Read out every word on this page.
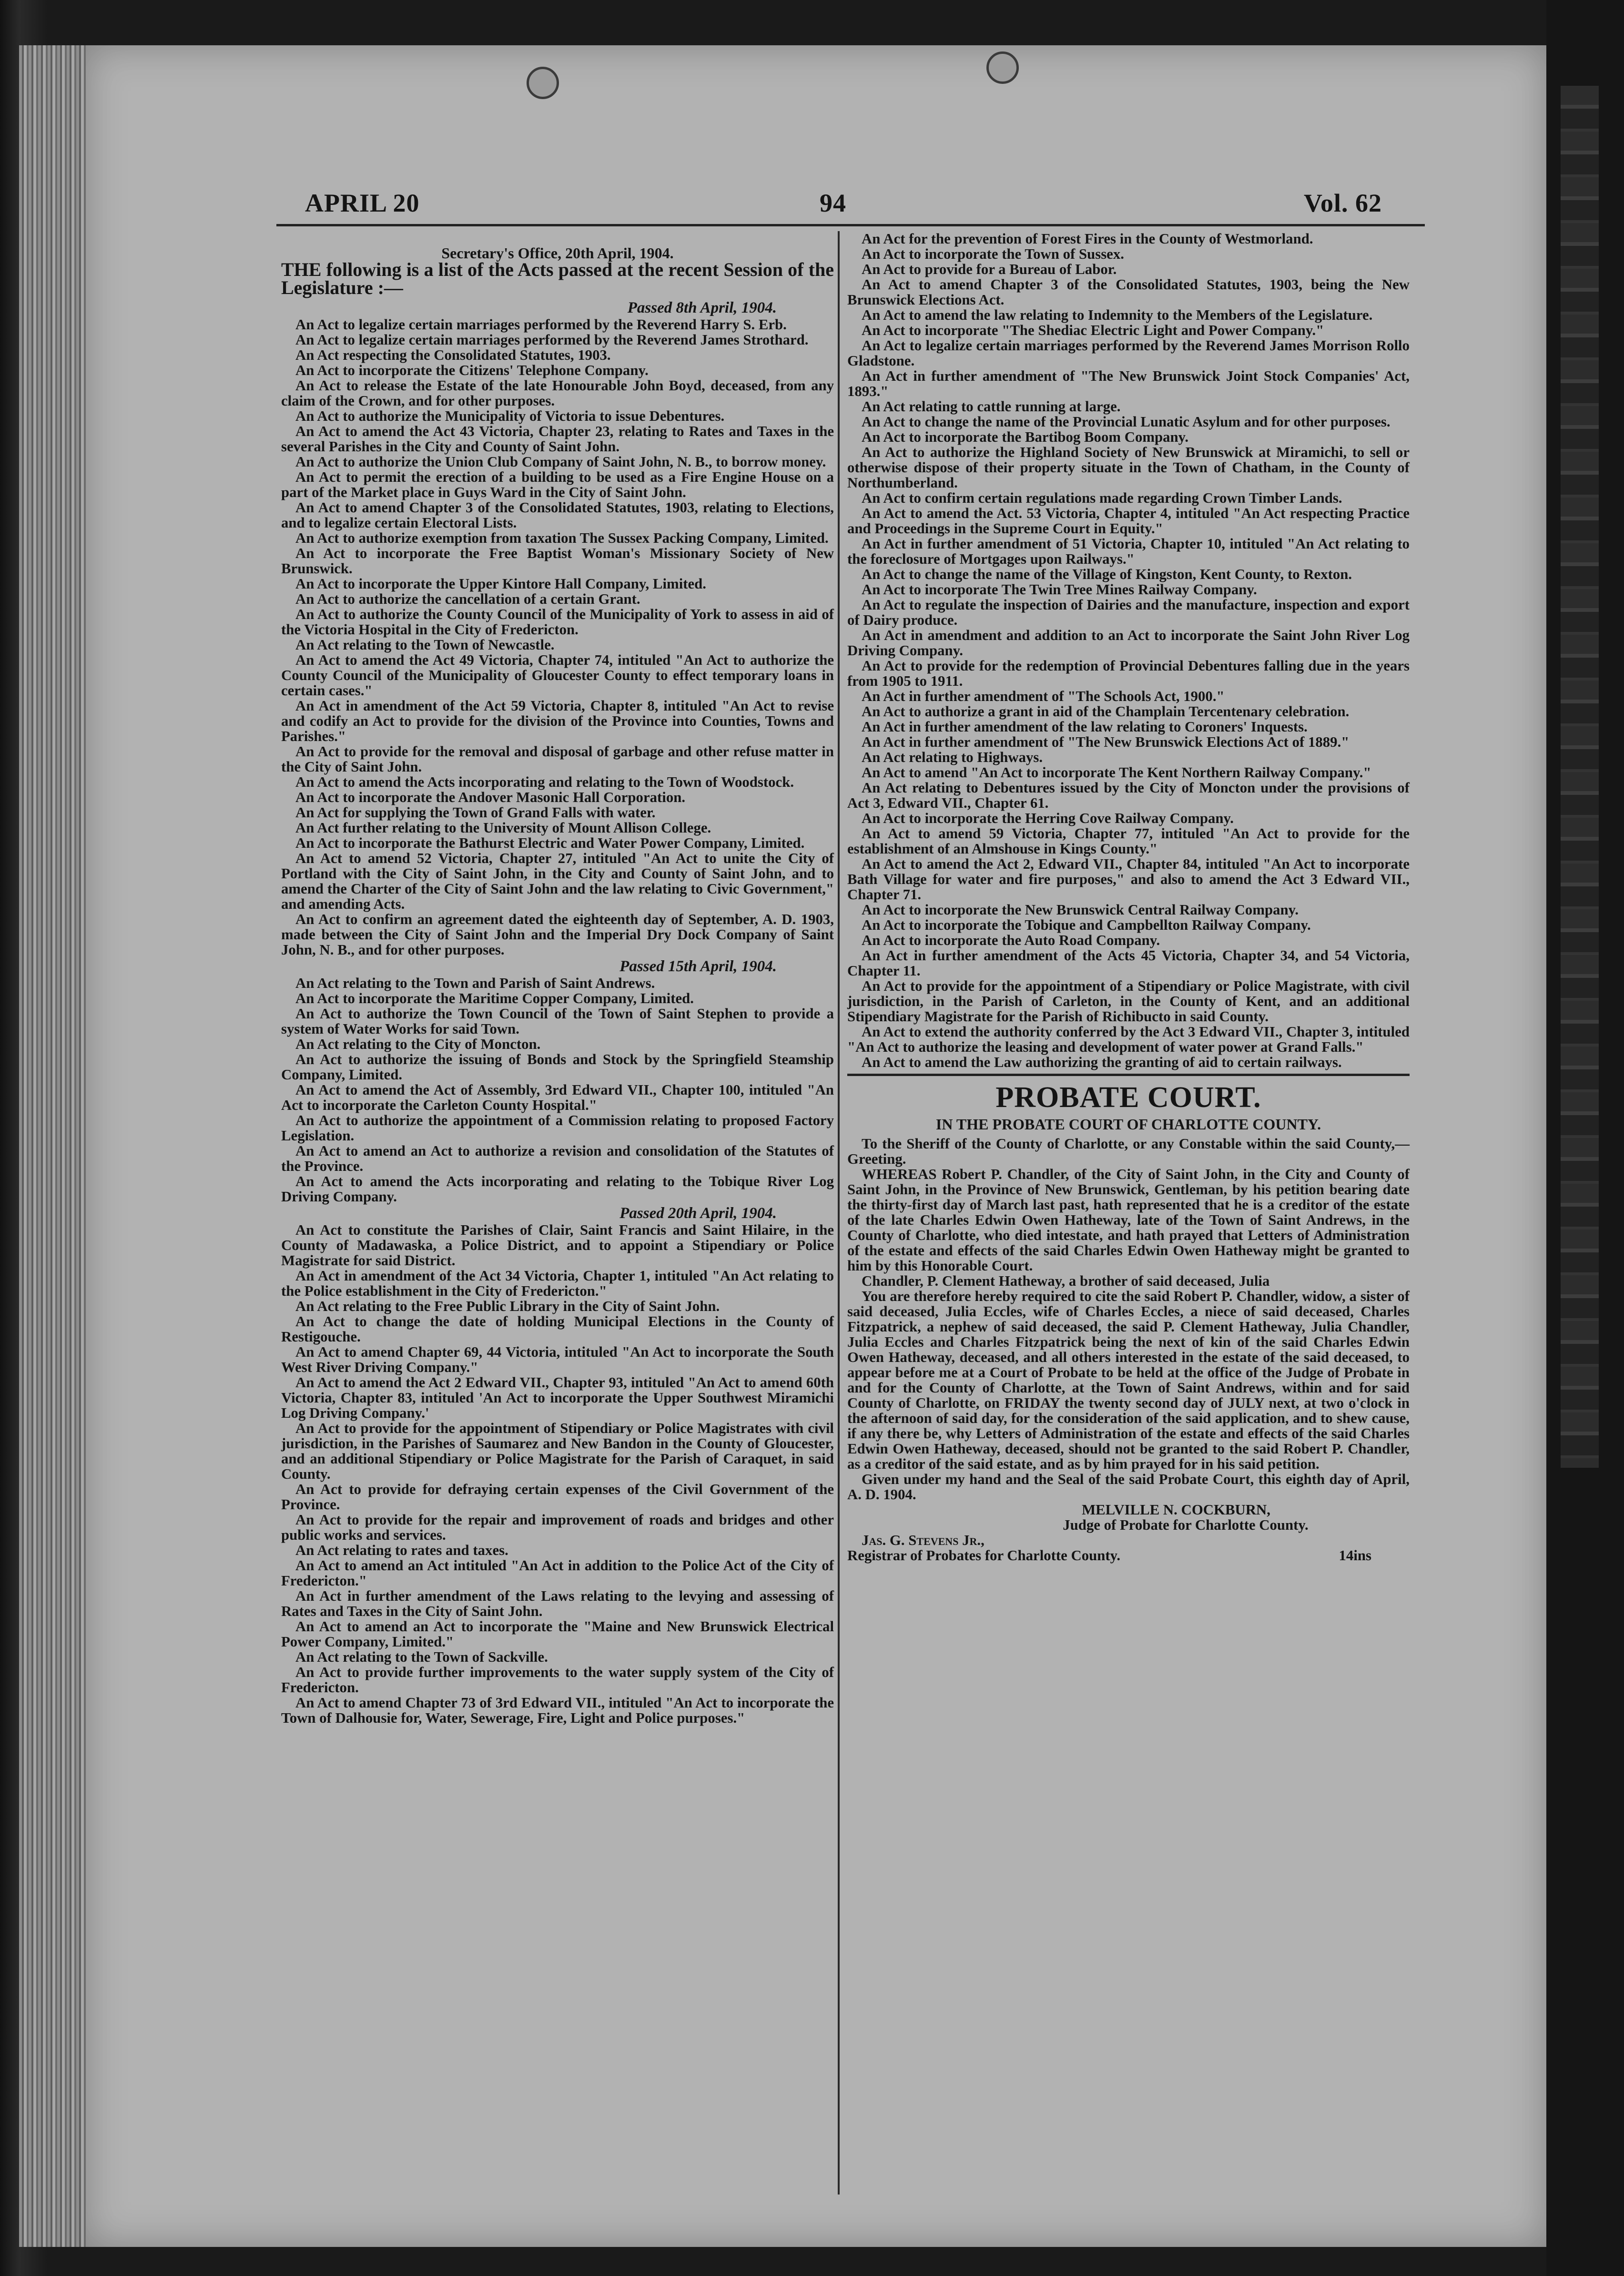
APRIL 20	94	Vol. 62

Secretary's Office, 20th April, 1904.

THE following is a list of the Acts passed at the recent Session of the Legislature :—

Passed 8th April, 1904.

An Act to legalize certain marriages performed by the Reverend Harry S. Erb.

An Act to legalize certain marriages performed by the Reverend James Strothard.

An Act respecting the Consolidated Statutes, 1903.

An Act to incorporate the Citizens' Telephone Company.

An Act to release the Estate of the late Honourable John Boyd, deceased, from any claim of the Crown, and for other purposes.

An Act to authorize the Municipality of Victoria to issue Debentures.

An Act to amend the Act 43 Victoria, Chapter 23, relating to Rates and Taxes in the several Parishes in the City and County of Saint John.

An Act to authorize the Union Club Company of Saint John, N. B., to borrow money.

An Act to permit the erection of a building to be used as a Fire Engine House on a part of the Market place in Guys Ward in the City of Saint John.

An Act to amend Chapter 3 of the Consolidated Statutes, 1903, relating to Elections, and to legalize certain Electoral Lists.

An Act to authorize exemption from taxation The Sussex Packing Company, Limited.

An Act to incorporate the Free Baptist Woman's Missionary Society of New Brunswick.

An Act to incorporate the Upper Kintore Hall Company, Limited.

An Act to authorize the cancellation of a certain Grant.

An Act to authorize the County Council of the Municipality of York to assess in aid of the Victoria Hospital in the City of Fredericton.

An Act relating to the Town of Newcastle.

An Act to amend the Act 49 Victoria, Chapter 74, intituled "An Act to authorize the County Council of the Municipality of Gloucester County to effect temporary loans in certain cases."

An Act in amendment of the Act 59 Victoria, Chapter 8, intituled "An Act to revise and codify an Act to provide for the division of the Province into Counties, Towns and Parishes."

An Act to provide for the removal and disposal of garbage and other refuse matter in the City of Saint John.

An Act to amend the Acts incorporating and relating to the Town of Woodstock.

An Act to incorporate the Andover Masonic Hall Corporation.

An Act for supplying the Town of Grand Falls with water.

An Act further relating to the University of Mount Allison College.

An Act to incorporate the Bathurst Electric and Water Power Company, Limited.

An Act to amend 52 Victoria, Chapter 27, intituled "An Act to unite the City of Portland with the City of Saint John, in the City and County of Saint John, and to amend the Charter of the City of Saint John and the law relating to Civic Government," and amending Acts.

An Act to confirm an agreement dated the eighteenth day of September, A. D. 1903, made between the City of Saint John and the Imperial Dry Dock Company of Saint John, N. B., and for other purposes.

Passed 15th April, 1904.

An Act relating to the Town and Parish of Saint Andrews.

An Act to incorporate the Maritime Copper Company, Limited.

An Act to authorize the Town Council of the Town of Saint Stephen to provide a system of Water Works for said Town.

An Act relating to the City of Moncton.

An Act to authorize the issuing of Bonds and Stock by the Springfield Steamship Company, Limited.

An Act to amend the Act of Assembly, 3rd Edward VII., Chapter 100, intituled "An Act to incorporate the Carleton County Hospital."

An Act to authorize the appointment of a Commission relating to proposed Factory Legislation.

An Act to amend an Act to authorize a revision and consolidation of the Statutes of the Province.

An Act to amend the Acts incorporating and relating to the Tobique River Log Driving Company.

Passed 20th April, 1904.

An Act to constitute the Parishes of Clair, Saint Francis and Saint Hilaire, in the County of Madawaska, a Police District, and to appoint a Stipendiary or Police Magistrate for said District.

An Act in amendment of the Act 34 Victoria, Chapter 1, intituled "An Act relating to the Police establishment in the City of Fredericton."

An Act relating to the Free Public Library in the City of Saint John.

An Act to change the date of holding Municipal Elections in the County of Restigouche.

An Act to amend Chapter 69, 44 Victoria, intituled "An Act to incorporate the South West River Driving Company."

An Act to amend the Act 2 Edward VII., Chapter 93, intituled "An Act to amend 60th Victoria, Chapter 83, intituled 'An Act to incorporate the Upper Southwest Miramichi Log Driving Company.'

An Act to provide for the appointment of Stipendiary or Police Magistrates with civil jurisdiction, in the Parishes of Saumarez and New Bandon in the County of Gloucester, and an additional Stipendiary or Police Magistrate for the Parish of Caraquet, in said County.

An Act to provide for defraying certain expenses of the Civil Government of the Province.

An Act to provide for the repair and improvement of roads and bridges and other public works and services.

An Act relating to rates and taxes.

An Act to amend an Act intituled "An Act in addition to the Police Act of the City of Fredericton."

An Act in further amendment of the Laws relating to the levying and assessing of Rates and Taxes in the City of Saint John.

An Act to amend an Act to incorporate the "Maine and New Brunswick Electrical Power Company, Limited."

An Act relating to the Town of Sackville.

An Act to provide further improvements to the water supply system of the City of Fredericton.

An Act to amend Chapter 73 of 3rd Edward VII., intituled "An Act to incorporate the Town of Dalhousie for, Water, Sewerage, Fire, Light and Police purposes."

An Act for the prevention of Forest Fires in the County of Westmorland.

An Act to incorporate the Town of Sussex.

An Act to provide for a Bureau of Labor.

An Act to amend Chapter 3 of the Consolidated Statutes, 1903, being the New Brunswick Elections Act.

An Act to amend the law relating to Indemnity to the Members of the Legislature.

An Act to incorporate "The Shediac Electric Light and Power Company."

An Act to legalize certain marriages performed by the Reverend James Morrison Rollo Gladstone.

An Act in further amendment of "The New Brunswick Joint Stock Companies' Act, 1893."

An Act relating to cattle running at large.

An Act to change the name of the Provincial Lunatic Asylum and for other purposes.

An Act to incorporate the Bartibog Boom Company.

An Act to authorize the Highland Society of New Brunswick at Miramichi, to sell or otherwise dispose of their property situate in the Town of Chatham, in the County of Northumberland.

An Act to confirm certain regulations made regarding Crown Timber Lands.

An Act to amend the Act. 53 Victoria, Chapter 4, intituled "An Act respecting Practice and Proceedings in the Supreme Court in Equity."

An Act in further amendment of 51 Victoria, Chapter 10, intituled "An Act relating to the foreclosure of Mortgages upon Railways."

An Act to change the name of the Village of Kingston, Kent County, to Rexton.

An Act to incorporate The Twin Tree Mines Railway Company.

An Act to regulate the inspection of Dairies and the manufacture, inspection and export of Dairy produce.

An Act in amendment and addition to an Act to incorporate the Saint John River Log Driving Company.

An Act to provide for the redemption of Provincial Debentures falling due in the years from 1905 to 1911.

An Act in further amendment of "The Schools Act, 1900."

An Act to authorize a grant in aid of the Champlain Tercentenary celebration.

An Act in further amendment of the law relating to Coroners' Inquests.

An Act in further amendment of "The New Brunswick Elections Act of 1889."

An Act relating to Highways.

An Act to amend "An Act to incorporate The Kent Northern Railway Company."

An Act relating to Debentures issued by the City of Moncton under the provisions of Act 3, Edward VII., Chapter 61.

An Act to incorporate the Herring Cove Railway Company.

An Act to amend 59 Victoria, Chapter 77, intituled "An Act to provide for the establishment of an Almshouse in Kings County."

An Act to amend the Act 2, Edward VII., Chapter 84, intituled "An Act to incorporate Bath Village for water and fire purposes," and also to amend the Act 3 Edward VII., Chapter 71.

An Act to incorporate the New Brunswick Central Railway Company.

An Act to incorporate the Tobique and Campbellton Railway Company.

An Act to incorporate the Auto Road Company.

An Act in further amendment of the Acts 45 Victoria, Chapter 34, and 54 Victoria, Chapter 11.

An Act to provide for the appointment of a Stipendiary or Police Magistrate, with civil jurisdiction, in the Parish of Carleton, in the County of Kent, and an additional Stipendiary Magistrate for the Parish of Richibucto in said County.

An Act to extend the authority conferred by the Act 3 Edward VII., Chapter 3, intituled "An Act to authorize the leasing and development of water power at Grand Falls."

An Act to amend the Law authorizing the granting of aid to certain railways.

PROBATE COURT.

IN THE PROBATE COURT OF CHARLOTTE COUNTY.

To the Sheriff of the County of Charlotte, or any Constable within the said County,—Greeting.

WHEREAS Robert P. Chandler, of the City of Saint John, in the City and County of Saint John, in the Province of New Brunswick, Gentleman, by his petition bearing date the thirty-first day of March last past, hath represented that he is a creditor of the estate of the late Charles Edwin Owen Hatheway, late of the Town of Saint Andrews, in the County of Charlotte, who died intestate, and hath prayed that Letters of Administration of the estate and effects of the said Charles Edwin Owen Hatheway might be granted to him by this Honorable Court.

Chandler, P. Clement Hatheway, a brother of said deceased, Julia

You are therefore hereby required to cite the said Robert P. Chandler, widow, a sister of said deceased, Julia Eccles, wife of Charles Eccles, a niece of said deceased, Charles Fitzpatrick, a nephew of said deceased, the said P. Clement Hatheway, Julia Chandler, Julia Eccles and Charles Fitzpatrick being the next of kin of the said Charles Edwin Owen Hatheway, deceased, and all others interested in the estate of the said deceased, to appear before me at a Court of Probate to be held at the office of the Judge of Probate in and for the County of Charlotte, at the Town of Saint Andrews, within and for said County of Charlotte, on FRIDAY the twenty second day of JULY next, at two o'clock in the afternoon of said day, for the consideration of the said application, and to shew cause, if any there be, why Letters of Administration of the estate and effects of the said Charles Edwin Owen Hatheway, deceased, should not be granted to the said Robert P. Chandler, as a creditor of the said estate, and as by him prayed for in his said petition.

Given under my hand and the Seal of the said Probate Court, this eighth day of April, A. D. 1904.

MELVILLE N. COCKBURN,

Judge of Probate for Charlotte County.

Jas. G. Stevens Jr.,

Registrar of Probates for Charlotte County.	14ins
